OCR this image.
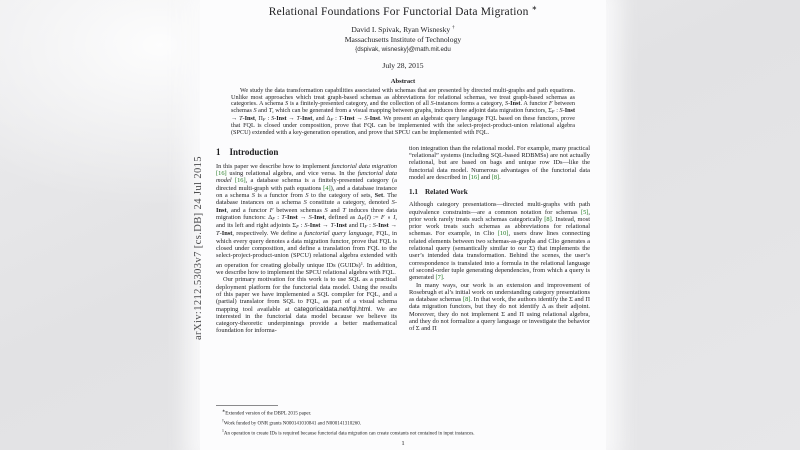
arXiv:1212.5303v7 [cs.DB] 24 Jul 2015
Relational Foundations For Functorial Data Migration ∗
David I. Spivak, Ryan Wisnesky †
Massachusetts Institute of Technology
{dspivak, wisnesky}@math.mit.edu
July 28, 2015
Abstract

We study the data transformation capabilities associated with schemas that are presented by directed multi-graphs and path equations. Unlike most approaches which treat graph-based schemas as abbreviations for relational schemas, we treat graph-based schemas as categories. A schema S is a finitely-presented category, and the collection of all S-instances forms a category, S-Inst. A functor F between schemas S and T, which can be generated from a visual mapping between graphs, induces three adjoint data migration functors, ΣF : S-Inst → T-Inst, ΠF : S-Inst → T-Inst, and ΔF : T-Inst → S-Inst. We present an algebraic query language FQL based on these functors, prove that FQL is closed under composition, prove that FQL can be implemented with the select-project-product-union relational algebra (SPCU) extended with a key-generation operation, and prove that SPCU can be implemented with FQL.

1 Introduction

In this paper we describe how to implement functorial data migration [16] using relational algebra, and vice versa. In the functorial data model [16], a database schema is a finitely-presented category (a directed multi-graph with path equations [4]), and a database instance on a schema S is a functor from S to the category of sets, Set. The database instances on a schema S constitute a category, denoted S-Inst, and a functor F between schemas S and T induces three data migration functors: ΔF : T-Inst → S-Inst, defined as ΔF(I) := F ∘ I, and its left and right adjoints ΣF : S-Inst → T-Inst and ΠF : S-Inst → T-Inst, respectively. We define a functorial query language, FQL, in which every query denotes a data migration functor, prove that FQL is closed under composition, and define a translation from FQL to the select-project-product-union (SPCU) relational algebra extended with an operation for creating globally unique IDs (GUIDs)$^1$. In addition, we describe how to implement the SPCU relational algebra with FQL.

Our primary motivation for this work is to use SQL as a practical deployment platform for the functorial data model. Using the results of this paper we have implemented a SQL compiler for FQL, and a (partial) translator from SQL to FQL, as part of a visual schema mapping tool available at categoricaldata.net/fql.html. We are interested in the functorial data model because we believe its category-theoretic underpinnings provide a better mathematical foundation for informa-

tion integration than the relational model. For example, many practical “relational” systems (including SQL-based RDBMSs) are not actually relational, but are based on bags and unique row IDs—like the functorial data model. Numerous advantages of the functorial data model are described in [16] and [8].

1.1 Related Work

Although category presentations—directed multi-graphs with path equivalence constraints—are a common notation for schemas [5], prior work rarely treats such schemas categorically [8]. Instead, most prior work treats such schemas as abbreviations for relational schemas. For example, in Clio [10], users draw lines connecting related elements between two schemas-as-graphs and Clio generates a relational query (semantically similar to our Σ) that implements the user’s intended data transformation. Behind the scenes, the user’s correspondence is translated into a formula in the relational language of second-order tuple generating dependencies, from which a query is generated [7].

In many ways, our work is an extension and improvement of Rosebrugh et al’s initial work on understanding category presentations as database schemas [8]. In that work, the authors identify the Σ and Π data migration functors, but they do not identify Δ as their adjoint. Moreover, they do not implement Σ and Π using relational algebra, and they do not formalize a query language or investigate the behavior of Σ and Π

∗Extended version of the DBPL 2015 paper.
†Work funded by ONR grants N000141010841 and N000141310260.
$^1$An operation to create IDs is required because functorial data migration can create constants not contained in input instances.
1
